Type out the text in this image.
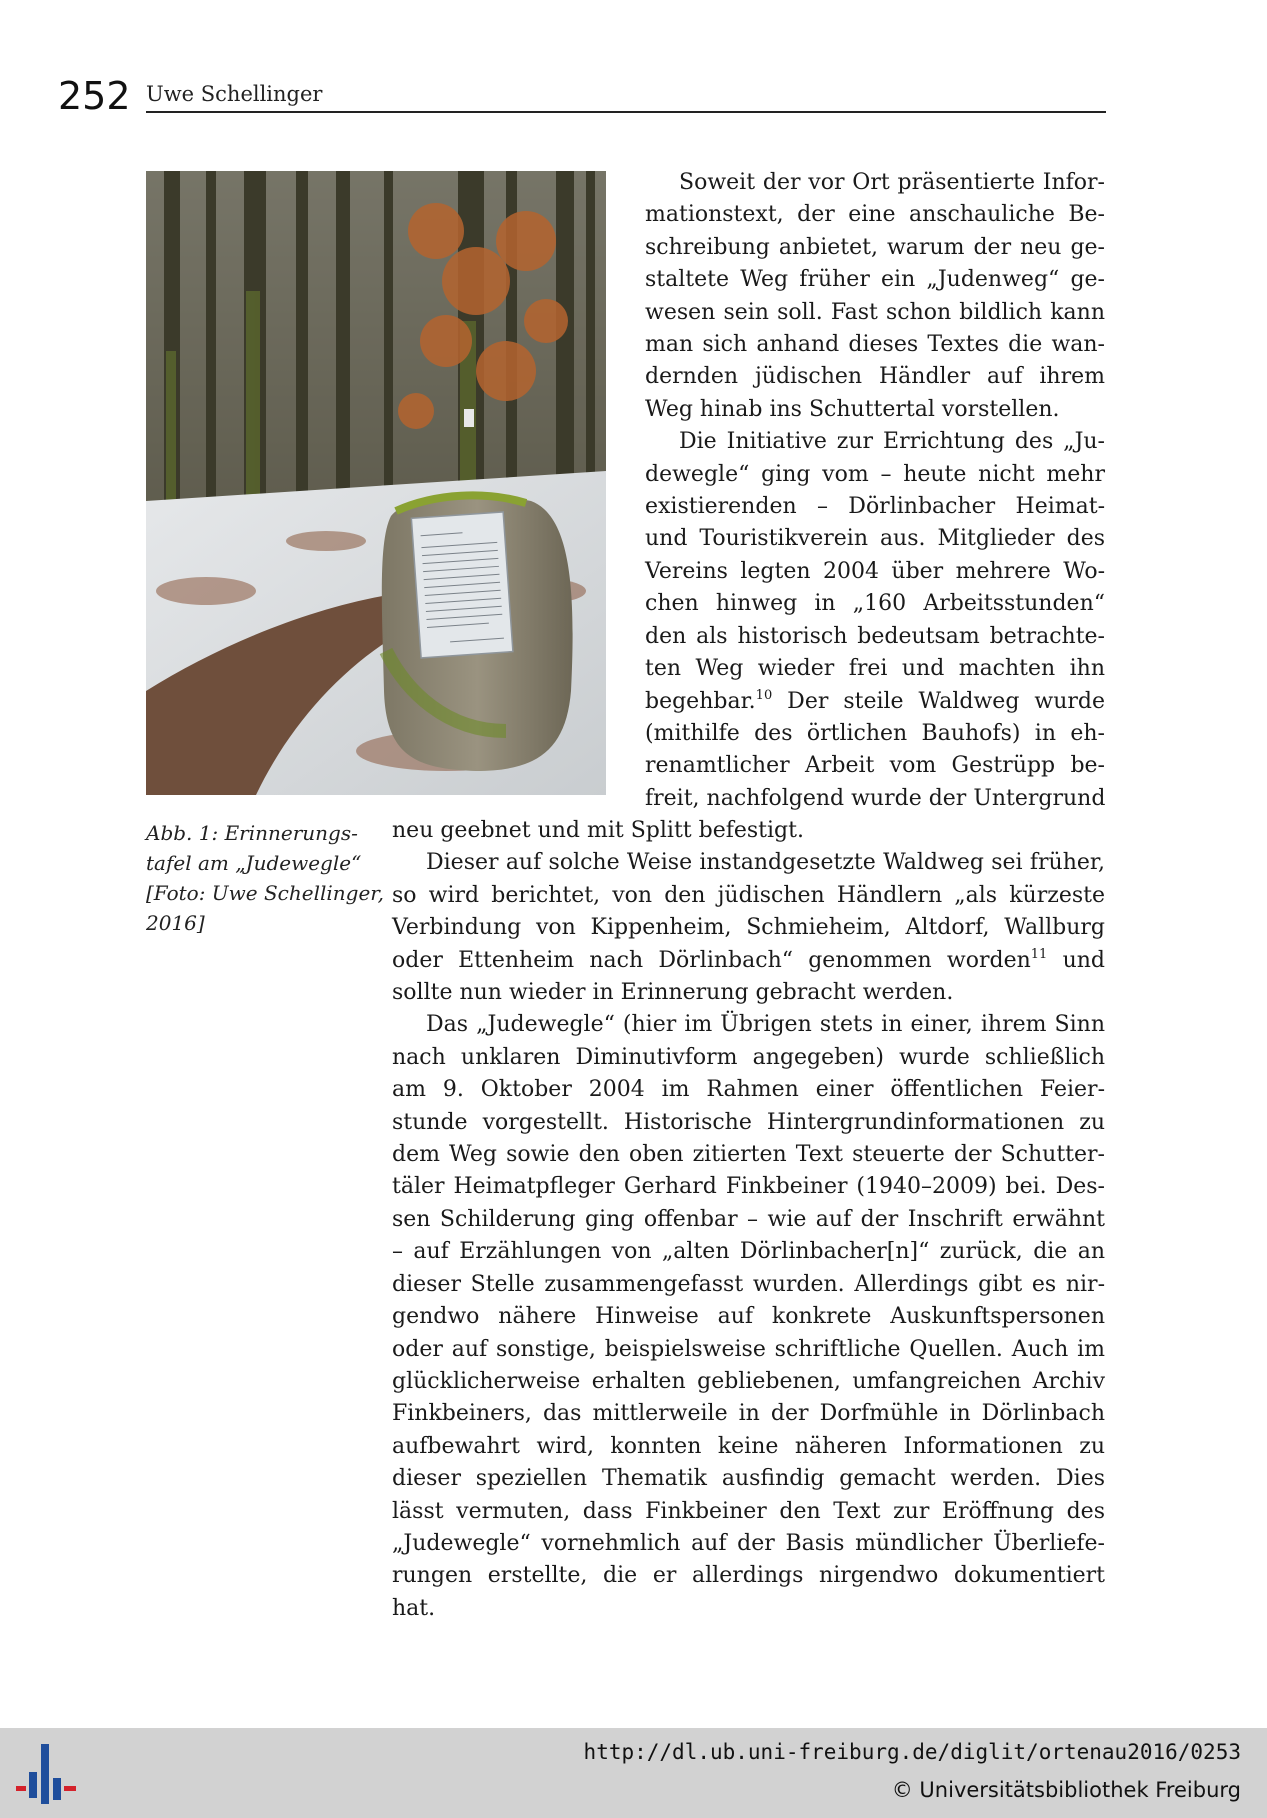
252 Uwe Schellinger
Abb. 1: Erinnerungs-
tafel am „Judewegle“
[Foto: Uwe Schellinger,
2016]
Soweit der vor Ort präsentierte Infor-
mationstext, der eine anschauliche Be-
schreibung anbietet, warum der neu ge-
staltete Weg früher ein „Judenweg“ ge-
wesen sein soll. Fast schon bildlich kann
man sich anhand dieses Textes die wan-
dernden jüdischen Händler auf ihrem
Weg hinab ins Schuttertal vorstellen.
Die Initiative zur Errichtung des „Ju-
dewegle“ ging vom – heute nicht mehr
existierenden – Dörlinbacher Heimat-
und Touristikverein aus. Mitglieder des
Vereins legten 2004 über mehrere Wo-
chen hinweg in „160 Arbeitsstunden“
den als historisch bedeutsam betrachte-
ten Weg wieder frei und machten ihn
begehbar.$^{10}$ Der steile Waldweg wurde
(mithilfe des örtlichen Bauhofs) in eh-
renamtlicher Arbeit vom Gestrüpp be-
freit, nachfolgend wurde der Untergrund
neu geebnet und mit Splitt befestigt.
Dieser auf solche Weise instandgesetzte Waldweg sei früher,
so wird berichtet, von den jüdischen Händlern „als kürzeste
Verbindung von Kippenheim, Schmieheim, Altdorf, Wallburg
oder Ettenheim nach Dörlinbach“ genommen worden$^{11}$ und
sollte nun wieder in Erinnerung gebracht werden.
Das „Judewegle“ (hier im Übrigen stets in einer, ihrem Sinn
nach unklaren Diminutivform angegeben) wurde schließlich
am 9. Oktober 2004 im Rahmen einer öffentlichen Feier-
stunde vorgestellt. Historische Hintergrundinformationen zu
dem Weg sowie den oben zitierten Text steuerte der Schutter-
täler Heimatpfleger Gerhard Finkbeiner (1940–2009) bei. Des-
sen Schilderung ging offenbar – wie auf der Inschrift erwähnt
– auf Erzählungen von „alten Dörlinbacher[n]“ zurück, die an
dieser Stelle zusammengefasst wurden. Allerdings gibt es nir-
gendwo nähere Hinweise auf konkrete Auskunftspersonen
oder auf sonstige, beispielsweise schriftliche Quellen. Auch im
glücklicherweise erhalten gebliebenen, umfangreichen Archiv
Finkbeiners, das mittlerweile in der Dorfmühle in Dörlinbach
aufbewahrt wird, konnten keine näheren Informationen zu
dieser speziellen Thematik ausfindig gemacht werden. Dies
lässt vermuten, dass Finkbeiner den Text zur Eröffnung des
„Judewegle“ vornehmlich auf der Basis mündlicher Überliefe-
rungen erstellte, die er allerdings nirgendwo dokumentiert
hat.
http://dl.ub.uni-freiburg.de/diglit/ortenau2016/0253
© Universitätsbibliothek Freiburg
